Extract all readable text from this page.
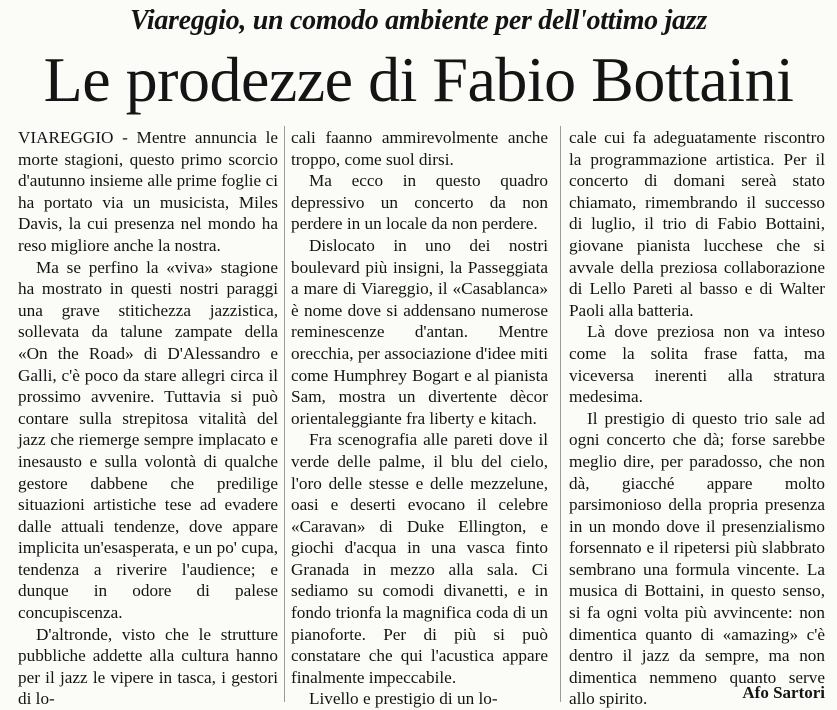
Viareggio, un comodo ambiente per dell'ottimo jazz
Le prodezze di Fabio Bottaini

VIAREGGIO - Mentre annuncia le morte stagioni, questo primo scorcio d'autunno insieme alle prime foglie ci ha portato via un musicista, Miles Davis, la cui presenza nel mondo ha reso migliore anche la nostra.

Ma se perfino la «viva» stagione ha mostrato in questi nostri paraggi una grave stitichezza jazzistica, sollevata da talune zampate della «On the Road» di D'Alessandro e Galli, c'è poco da stare allegri circa il prossimo avvenire. Tuttavia si può contare sulla strepitosa vitalità del jazz che riemerge sempre implacato e inesausto e sulla volontà di qualche gestore dabbene che predilige situazioni artistiche tese ad evadere dalle attuali tendenze, dove appare implicita un'esasperata, e un po' cupa, tendenza a riverire l'audience; e dunque in odore di palese concupiscenza.

D'altronde, visto che le strutture pubbliche addette alla cultura hanno per il jazz le vipere in tasca, i gestori di lo-

cali faanno ammirevolmente anche troppo, come suol dirsi.

Ma ecco in questo quadro depressivo un concerto da non perdere in un locale da non perdere.

Dislocato in uno dei nostri boulevard più insigni, la Passeggiata a mare di Viareggio, il «Casablanca» è nome dove si addensano numerose reminescenze d'antan. Mentre orecchia, per associazione d'idee miti come Humphrey Bogart e al pianista Sam, mostra un divertente dècor orientaleggiante fra liberty e kitach.

Fra scenografia alle pareti dove il verde delle palme, il blu del cielo, l'oro delle stesse e delle mezzelune, oasi e deserti evocano il celebre «Caravan» di Duke Ellington, e giochi d'acqua in una vasca finto Granada in mezzo alla sala. Ci sediamo su comodi divanetti, e in fondo trionfa la magnifica coda di un pianoforte. Per di più si può constatare che qui l'acustica appare finalmente impeccabile.

Livello e prestigio di un lo-

cale cui fa adeguatamente riscontro la programmazione artistica. Per il concerto di domani sereà stato chiamato, rimembrando il successo di luglio, il trio di Fabio Bottaini, giovane pianista lucchese che si avvale della preziosa collaborazione di Lello Pareti al basso e di Walter Paoli alla batteria.

Là dove preziosa non va inteso come la solita frase fatta, ma viceversa inerenti alla stratura medesima.

Il prestigio di questo trio sale ad ogni concerto che dà; forse sarebbe meglio dire, per paradosso, che non dà, giacché appare molto parsimonioso della propria presenza in un mondo dove il presenzialismo forsennato e il ripetersi più slabbrato sembrano una formula vincente. La musica di Bottaini, in questo senso, si fa ogni volta più avvincente: non dimentica quanto di «amazing» c'è dentro il jazz da sempre, ma non dimentica nemmeno quanto serve allo spirito.	Afo Sartori
